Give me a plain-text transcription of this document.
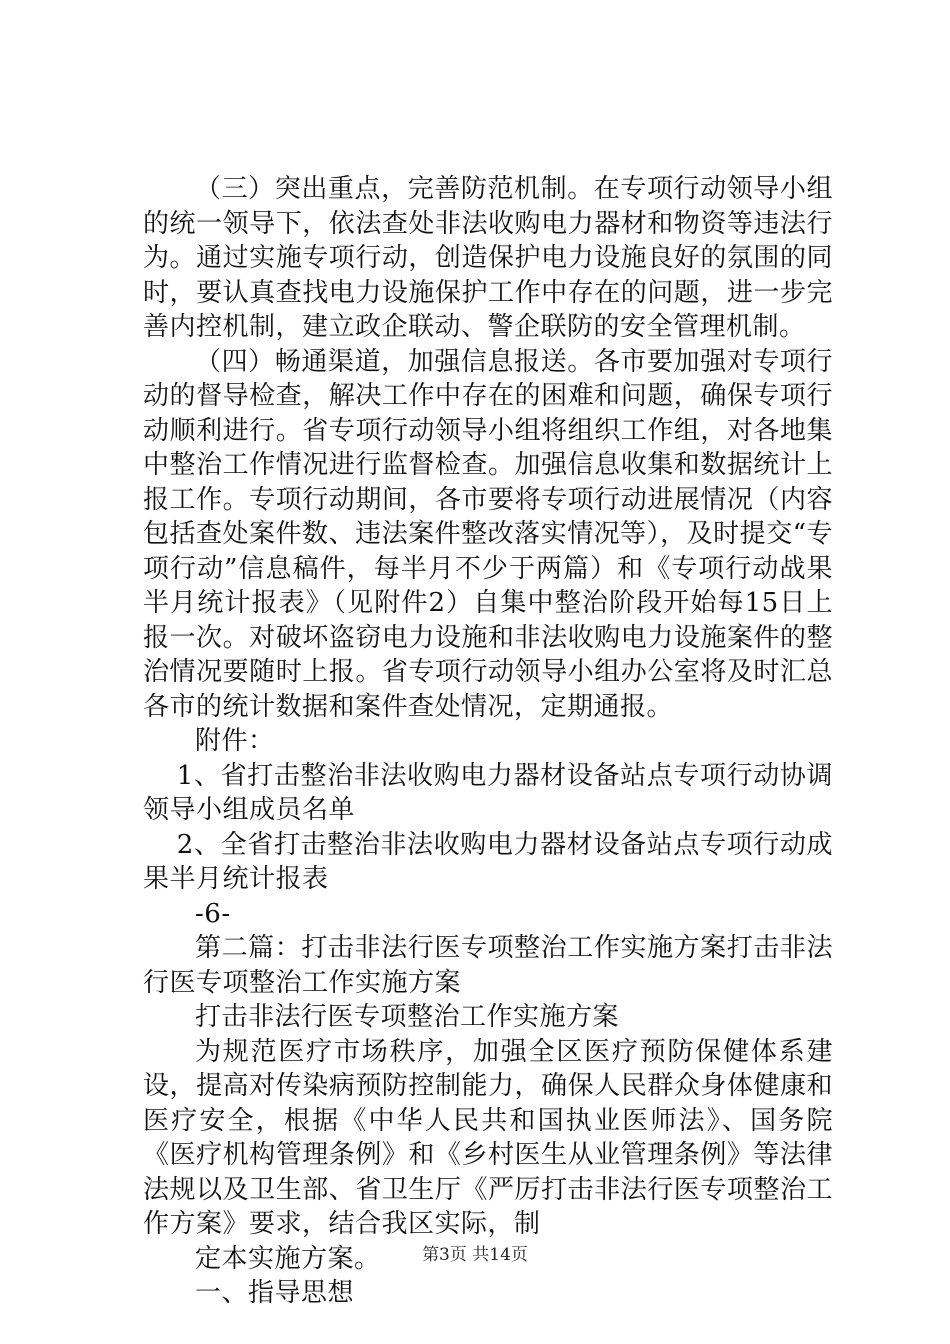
（三）突出重点，完善防范机制。在专项行动领导小组的统一领导下，依法查处非法收购电力器材和物资等违法行为。通过实施专项行动，创造保护电力设施良好的氛围的同时，要认真查找电力设施保护工作中存在的问题，进一步完善内控机制，建立政企联动、警企联防的安全管理机制。

（四）畅通渠道，加强信息报送。各市要加强对专项行动的督导检查，解决工作中存在的困难和问题，确保专项行动顺利进行。省专项行动领导小组将组织工作组，对各地集中整治工作情况进行监督检查。加强信息收集和数据统计上报工作。专项行动期间，各市要将专项行动进展情况（内容包括查处案件数、违法案件整改落实情况等），及时提交“专项行动”信息稿件，每半月不少于两篇）和《专项行动战果半月统计报表》（见附件2）自集中整治阶段开始每15日上报一次。对破坏盗窃电力设施和非法收购电力设施案件的整治情况要随时上报。省专项行动领导小组办公室将及时汇总各市的统计数据和案件查处情况，定期通报。

附件：

1、省打击整治非法收购电力器材设备站点专项行动协调领导小组成员名单

2、全省打击整治非法收购电力器材设备站点专项行动成果半月统计报表

-6-

第二篇：打击非法行医专项整治工作实施方案打击非法行医专项整治工作实施方案

打击非法行医专项整治工作实施方案

为规范医疗市场秩序，加强全区医疗预防保健体系建设，提高对传染病预防控制能力，确保人民群众身体健康和医疗安全，根据《中华人民共和国执业医师法》、国务院《医疗机构管理条例》和《乡村医生从业管理条例》等法律法规以及卫生部、省卫生厅《严厉打击非法行医专项整治工作方案》要求，结合我区实际，制

定本实施方案。

一、指导思想

第3页 共14页
